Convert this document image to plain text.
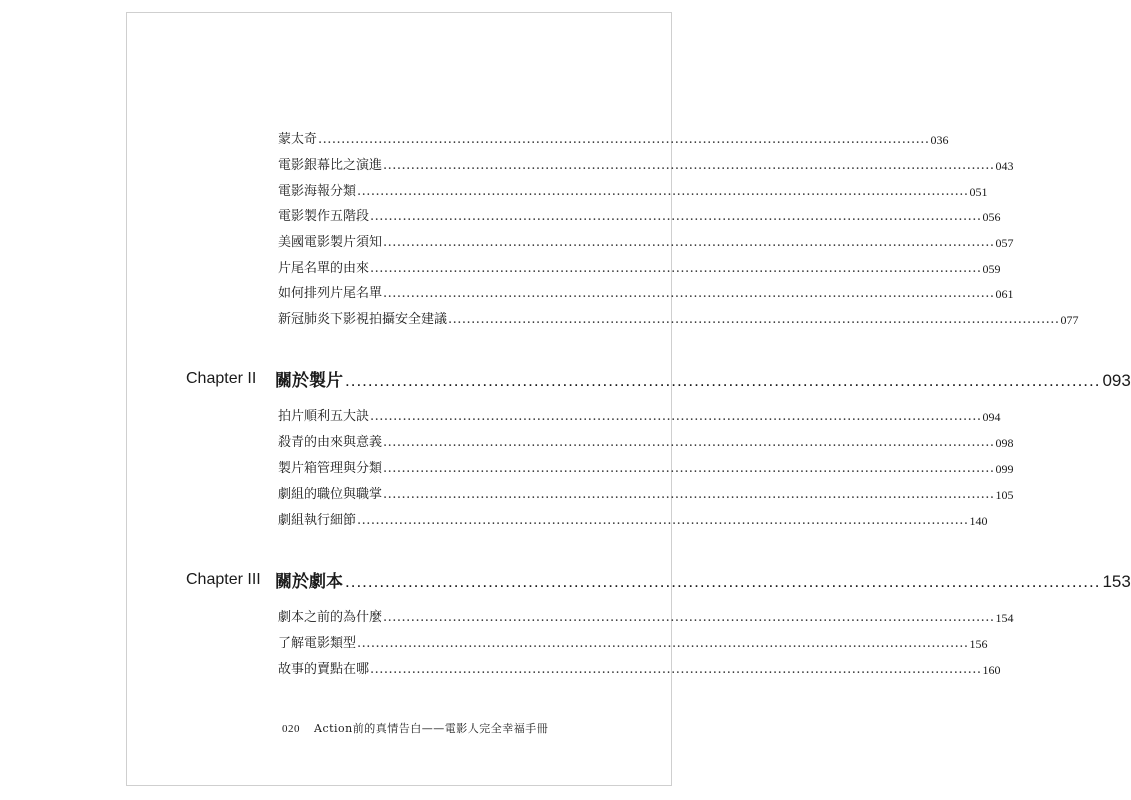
蒙太奇 .................................................................................................................................... 036
電影銀幕比之演進 .................................................................................................................................... 043
電影海報分類 .................................................................................................................................... 051
電影製作五階段 .................................................................................................................................... 056
美國電影製片須知 .................................................................................................................................... 057
片尾名單的由來 .................................................................................................................................... 059
如何排列片尾名單 .................................................................................................................................... 061
新冠肺炎下影視拍攝安全建議 .................................................................................................................................... 077
Chapter II 關於製片 .................................................................................................................................... 093
拍片順利五大訣 .................................................................................................................................... 094
殺青的由來與意義 .................................................................................................................................... 098
製片箱管理與分類 .................................................................................................................................... 099
劇組的職位與職掌 .................................................................................................................................... 105
劇組執行細節 .................................................................................................................................... 140
Chapter III 關於劇本 .................................................................................................................................... 153
劇本之前的為什麼 .................................................................................................................................... 154
了解電影類型 .................................................................................................................................... 156
故事的賣點在哪 .................................................................................................................................... 160
020 Action前的真情告白——電影人完全幸福手冊
